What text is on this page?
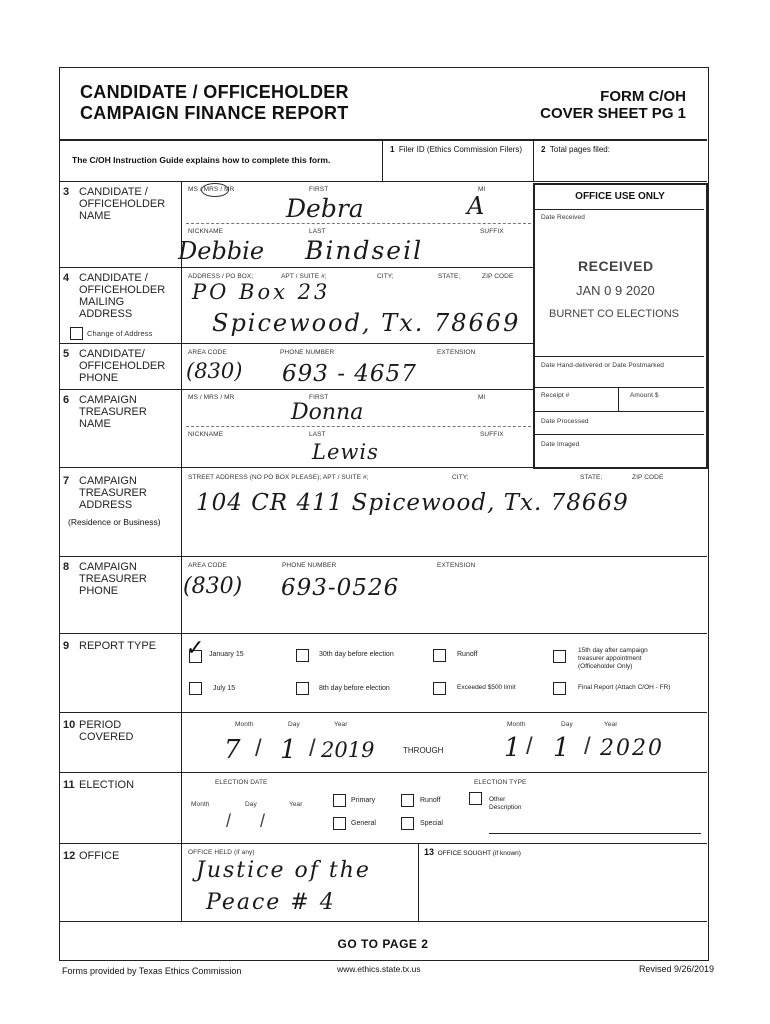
CANDIDATE / OFFICEHOLDER
CAMPAIGN FINANCE REPORT
FORM C/OH
COVER SHEET PG 1
The C/OH Instruction Guide explains how to complete this form.
1 Filer ID (Ethics Commission Filers) 2 Total pages filed:
OFFICE USE ONLY
Date Received
RECEIVED
JAN 0 9 2020
BURNET CO ELECTIONS
Date Hand-delivered or Date Postmarked
Receipt #	Amount $
Date Processed
Date Imaged
3 CANDIDATE /
OFFICEHOLDER
NAME
MS / MRS / MR	FIRST	MI
Debra	A
NICKNAME	LAST	SUFFIX
Debbie Bindseil
4 CANDIDATE /
OFFICEHOLDER
MAILING
ADDRESS
Change of Address
ADDRESS / PO BOX;	APT / SUITE #;	CITY;	STATE;	ZIP CODE
PO Box 23
Spicewood, Tx. 78669
5 CANDIDATE/
OFFICEHOLDER
PHONE
AREA CODE	PHONE NUMBER	EXTENSION
(830) 693 - 4657
6 CAMPAIGN
TREASURER
NAME
MS / MRS / MR	FIRST	MI
Donna
NICKNAME	LAST	SUFFIX
Lewis
7 CAMPAIGN
TREASURER
ADDRESS
(Residence or Business)
STREET ADDRESS (NO PO BOX PLEASE); APT / SUITE #;	CITY;	STATE;	ZIP CODE
104 CR 411 Spicewood, Tx. 78669
8 CAMPAIGN
TREASURER
PHONE
AREA CODE	PHONE NUMBER	EXTENSION
(830) 693-0526
9 REPORT TYPE ✓ January 15	30th day before election	Runoff
15th day after campaign
treasurer appointment
(Officeholder Only)
July 15	8th day before election	Exceeded $500 limit	Final Report (Attach C/OH - FR)
10 PERIOD
COVERED
Month	Day	Year	Month	Day	Year
7 / 1 / 2019	THROUGH 1 / 1 / 2020
11 ELECTION	ELECTION DATE
Month	Day	Year
/ /
ELECTION TYPE
Primary	Runoff	Other
Description
General	Special
12 OFFICE	OFFICE HELD (if any)	13 OFFICE SOUGHT (if known)
Justice of the
Peace # 4
GO TO PAGE 2
Forms provided by Texas Ethics Commission	www.ethics.state.tx.us	Revised 9/26/2019
